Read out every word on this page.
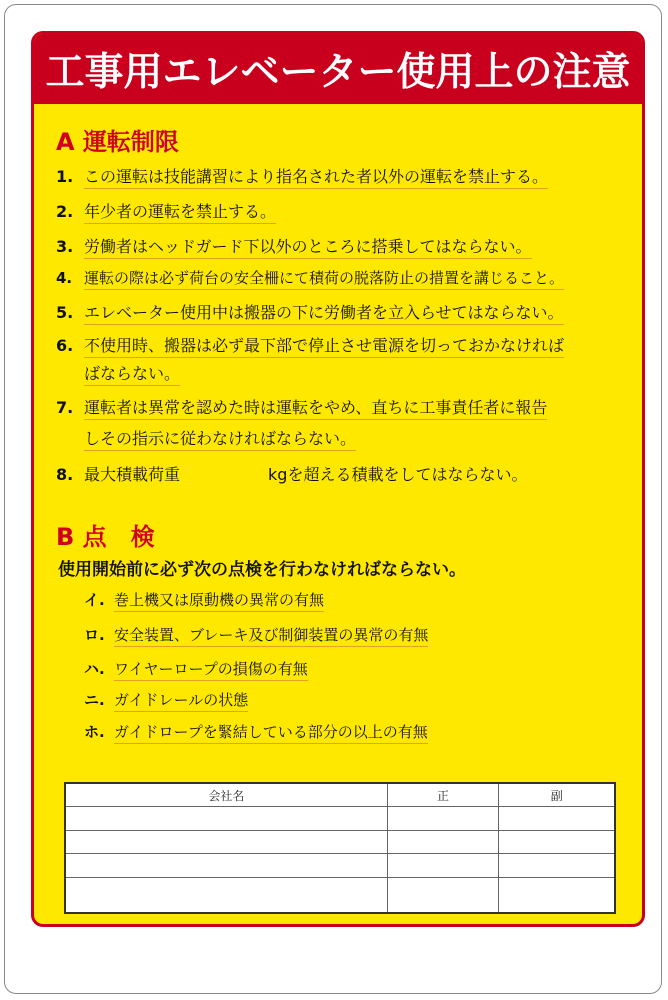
工事用エレベーター使用上の注意
A 運転制限
1. この運転は技能講習により指名された者以外の運転を禁止する。
2. 年少者の運転を禁止する。
3. 労働者はヘッドガード下以外のところに搭乗してはならない。
4. 運転の際は必ず荷台の安全柵にて積荷の脱落防止の措置を講じること。
5. エレベーター使用中は搬器の下に労働者を立入らせてはならない。
6. 不使用時、搬器は必ず最下部で停止させ電源を切っておかなければ
ばならない。
7. 運転者は異常を認めた時は運転をやめ、直ちに工事責任者に報告
しその指示に従わなければならない。
8. 最大積載荷重	kgを超える積載をしてはならない。
B 点　検
使用開始前に必ず次の点検を行わなければならない。
イ. 巻上機又は原動機の異常の有無
ロ. 安全装置、ブレーキ及び制御装置の異常の有無
ハ. ワイヤーロープの損傷の有無
ニ. ガイドレールの状態
ホ. ガイドロープを緊結している部分の以上の有無
会社名	正	副
